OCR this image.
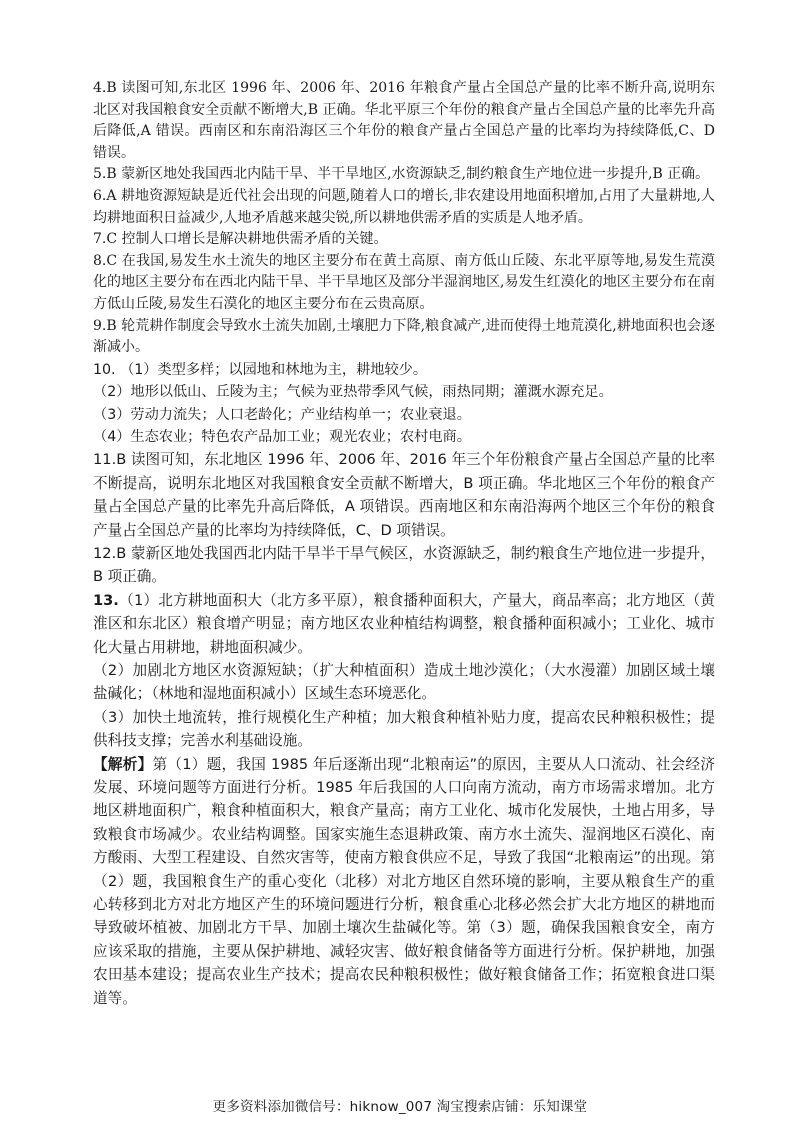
4.B 读图可知,东北区 1996 年、2006 年、2016 年粮食产量占全国总产量的比率不断升高,说明东北区对我国粮食安全贡献不断增大,B 正确。华北平原三个年份的粮食产量占全国总产量的比率先升高后降低,A 错误。西南区和东南沿海区三个年份的粮食产量占全国总产量的比率均为持续降低,C、D 错误。

5.B 蒙新区地处我国西北内陆干旱、半干旱地区,水资源缺乏,制约粮食生产地位进一步提升,B 正确。

6.A 耕地资源短缺是近代社会出现的问题,随着人口的增长,非农建设用地面积增加,占用了大量耕地,人均耕地面积日益减少,人地矛盾越来越尖锐,所以耕地供需矛盾的实质是人地矛盾。

7.C 控制人口增长是解决耕地供需矛盾的关键。

8.C 在我国,易发生水土流失的地区主要分布在黄土高原、南方低山丘陵、东北平原等地,易发生荒漠化的地区主要分布在西北内陆干旱、半干旱地区及部分半湿润地区,易发生红漠化的地区主要分布在南方低山丘陵,易发生石漠化的地区主要分布在云贵高原。

9.B 轮荒耕作制度会导致水土流失加剧,土壤肥力下降,粮食减产,进而使得土地荒漠化,耕地面积也会逐渐减小。

10. （1）类型多样；以园地和林地为主，耕地较少。

（2）地形以低山、丘陵为主；气候为亚热带季风气候，雨热同期；灌溉水源充足。

（3）劳动力流失；人口老龄化；产业结构单一；农业衰退。

（4）生态农业；特色农产品加工业；观光农业；农村电商。

11.B 读图可知，东北地区 1996 年、2006 年、2016 年三个年份粮食产量占全国总产量的比率不断提高，说明东北地区对我国粮食安全贡献不断增大，B 项正确。华北地区三个年份的粮食产量占全国总产量的比率先升高后降低，A 项错误。西南地区和东南沿海两个地区三个年份的粮食产量占全国总产量的比率均为持续降低，C、D 项错误。

12.B 蒙新区地处我国西北内陆干旱半干旱气候区，水资源缺乏，制约粮食生产地位进一步提升， B 项正确。

13.（1）北方耕地面积大（北方多平原），粮食播种面积大，产量大，商品率高；北方地区（黄淮区和东北区）粮食增产明显；南方地区农业种植结构调整，粮食播种面积减小；工业化、城市化大量占用耕地，耕地面积减少。

（2）加剧北方地区水资源短缺；（扩大种植面积）造成土地沙漠化；（大水漫灌）加剧区域土壤盐碱化；（林地和湿地面积减小）区域生态环境恶化。

（3）加快土地流转，推行规模化生产种植；加大粮食种植补贴力度，提高农民种粮积极性；提供科技支撑；完善水利基础设施。

【解析】第（1）题，我国 1985 年后逐渐出现“北粮南运”的原因，主要从人口流动、社会经济发展、环境问题等方面进行分析。1985 年后我国的人口向南方流动，南方市场需求增加。北方地区耕地面积广，粮食种植面积大，粮食产量高；南方工业化、城市化发展快，土地占用多，导致粮食市场减少。农业结构调整。国家实施生态退耕政策、南方水土流失、湿润地区石漠化、南方酸雨、大型工程建设、自然灾害等，使南方粮食供应不足，导致了我国“北粮南运”的出现。第（2）题，我国粮食生产的重心变化（北移）对北方地区自然环境的影响，主要从粮食生产的重心转移到北方对北方地区产生的环境问题进行分析，粮食重心北移必然会扩大北方地区的耕地而导致破坏植被、加剧北方干旱、加剧土壤次生盐碱化等。第（3）题，确保我国粮食安全，南方应该采取的措施，主要从保护耕地、减轻灾害、做好粮食储备等方面进行分析。保护耕地，加强农田基本建设；提高农业生产技术；提高农民种粮积极性；做好粮食储备工作；拓宽粮食进口渠道等。

更多资料添加微信号：hiknow_007 淘宝搜索店铺：乐知课堂
